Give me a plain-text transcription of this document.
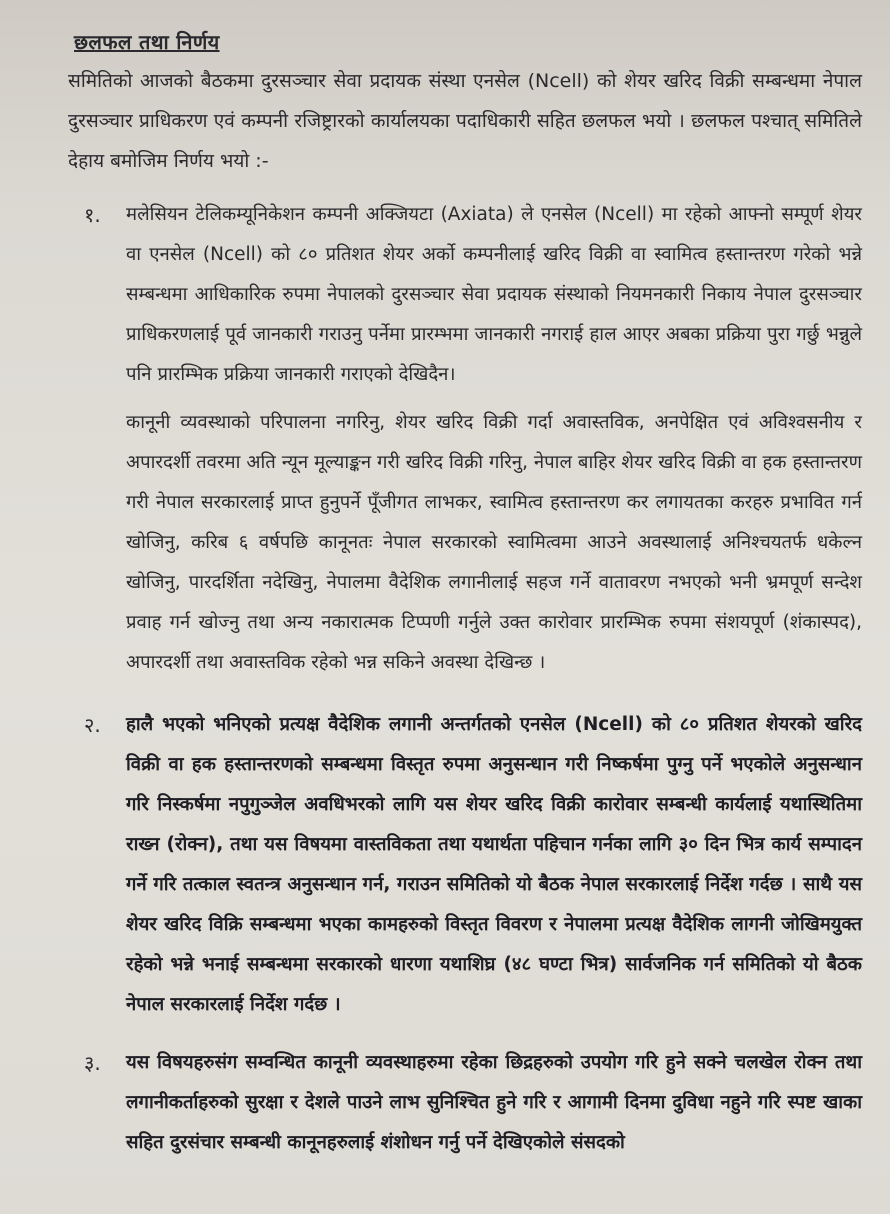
छलफल तथा निर्णय

समितिको आजको बैठकमा दुरसञ्चार सेवा प्रदायक संस्था एनसेल (Ncell) को शेयर खरिद विक्री सम्बन्धमा नेपाल दुरसञ्चार प्राधिकरण एवं कम्पनी रजिष्ट्रारको कार्यालयका पदाधिकारी सहित छलफल भयो । छलफल पश्चात् समितिले देहाय बमोजिम निर्णय भयो :-

१.	मलेसियन टेलिकम्यूनिकेशन कम्पनी अक्जियटा (Axiata) ले एनसेल (Ncell) मा रहेको आफ्नो सम्पूर्ण शेयर वा एनसेल (Ncell) को ८० प्रतिशत शेयर अर्को कम्पनीलाई खरिद विक्री वा स्वामित्व हस्तान्तरण गरेको भन्ने सम्बन्धमा आधिकारिक रुपमा नेपालको दुरसञ्चार सेवा प्रदायक संस्थाको नियमनकारी निकाय नेपाल दुरसञ्चार प्राधिकरणलाई पूर्व जानकारी गराउनु पर्नेमा प्रारम्भमा जानकारी नगराई हाल आएर अबका प्रक्रिया पुरा गर्छु भन्नुले पनि प्रारम्भिक प्रक्रिया जानकारी गराएको देखिदैन।

कानूनी व्यवस्थाको परिपालना नगरिनु, शेयर खरिद विक्री गर्दा अवास्तविक, अनपेक्षित एवं अविश्वसनीय र अपारदर्शी तवरमा अति न्यून मूल्याङ्कन गरी खरिद विक्री गरिनु, नेपाल बाहिर शेयर खरिद विक्री वा हक हस्तान्तरण गरी नेपाल सरकारलाई प्राप्त हुनुपर्ने पूँजीगत लाभकर, स्वामित्व हस्तान्तरण कर लगायतका करहरु प्रभावित गर्न खोजिनु, करिब ६ वर्षपछि कानूनतः नेपाल सरकारको स्वामित्वमा आउने अवस्थालाई अनिश्चयतर्फ धकेल्न खोजिनु, पारदर्शिता नदेखिनु, नेपालमा वैदेशिक लगानीलाई सहज गर्ने वातावरण नभएको भनी भ्रमपूर्ण सन्देश प्रवाह गर्न खोज्नु तथा अन्य नकारात्मक टिप्पणी गर्नुले उक्त कारोवार प्रारम्भिक रुपमा संशयपूर्ण (शंकास्पद), अपारदर्शी तथा अवास्तविक रहेको भन्न सकिने अवस्था देखिन्छ ।

२.	हालै भएको भनिएको प्रत्यक्ष वैदेशिक लगानी अन्तर्गतको एनसेल (Ncell) को ८० प्रतिशत शेयरको खरिद विक्री वा हक हस्तान्तरणको सम्बन्धमा विस्तृत रुपमा अनुसन्धान गरी निष्कर्षमा पुग्नु पर्ने भएकोले अनुसन्धान गरि निस्कर्षमा नपुगुञ्जेल अवधिभरको लागि यस शेयर खरिद विक्री कारोवार सम्बन्धी कार्यलाई यथास्थितिमा राख्न (रोक्न), तथा यस विषयमा वास्तविकता तथा यथार्थता पहिचान गर्नका लागि ३० दिन भित्र कार्य सम्पादन गर्ने गरि तत्काल स्वतन्त्र अनुसन्धान गर्न, गराउन समितिको यो बैठक नेपाल सरकारलाई निर्देश गर्दछ । साथै यस शेयर खरिद विक्रि सम्बन्धमा भएका कामहरुको विस्तृत विवरण र नेपालमा प्रत्यक्ष वैदेशिक लागनी जोखिमयुक्त रहेको भन्ने भनाई सम्बन्धमा सरकारको धारणा यथाशिघ्र (४८ घण्टा भित्र) सार्वजनिक गर्न समितिको यो बैठक नेपाल सरकारलाई निर्देश गर्दछ ।

३.	यस विषयहरुसंग सम्वन्धित कानूनी व्यवस्थाहरुमा रहेका छिद्रहरुको उपयोग गरि हुने सक्ने चलखेल रोक्न तथा लगानीकर्ताहरुको सुरक्षा र देशले पाउने लाभ सुनिश्चित हुने गरि र आगामी दिनमा दुविधा नहुने गरि स्पष्ट खाका सहित दुरसंचार सम्बन्धी कानूनहरुलाई शंशोधन गर्नु पर्ने देखिएकोले संसदको
